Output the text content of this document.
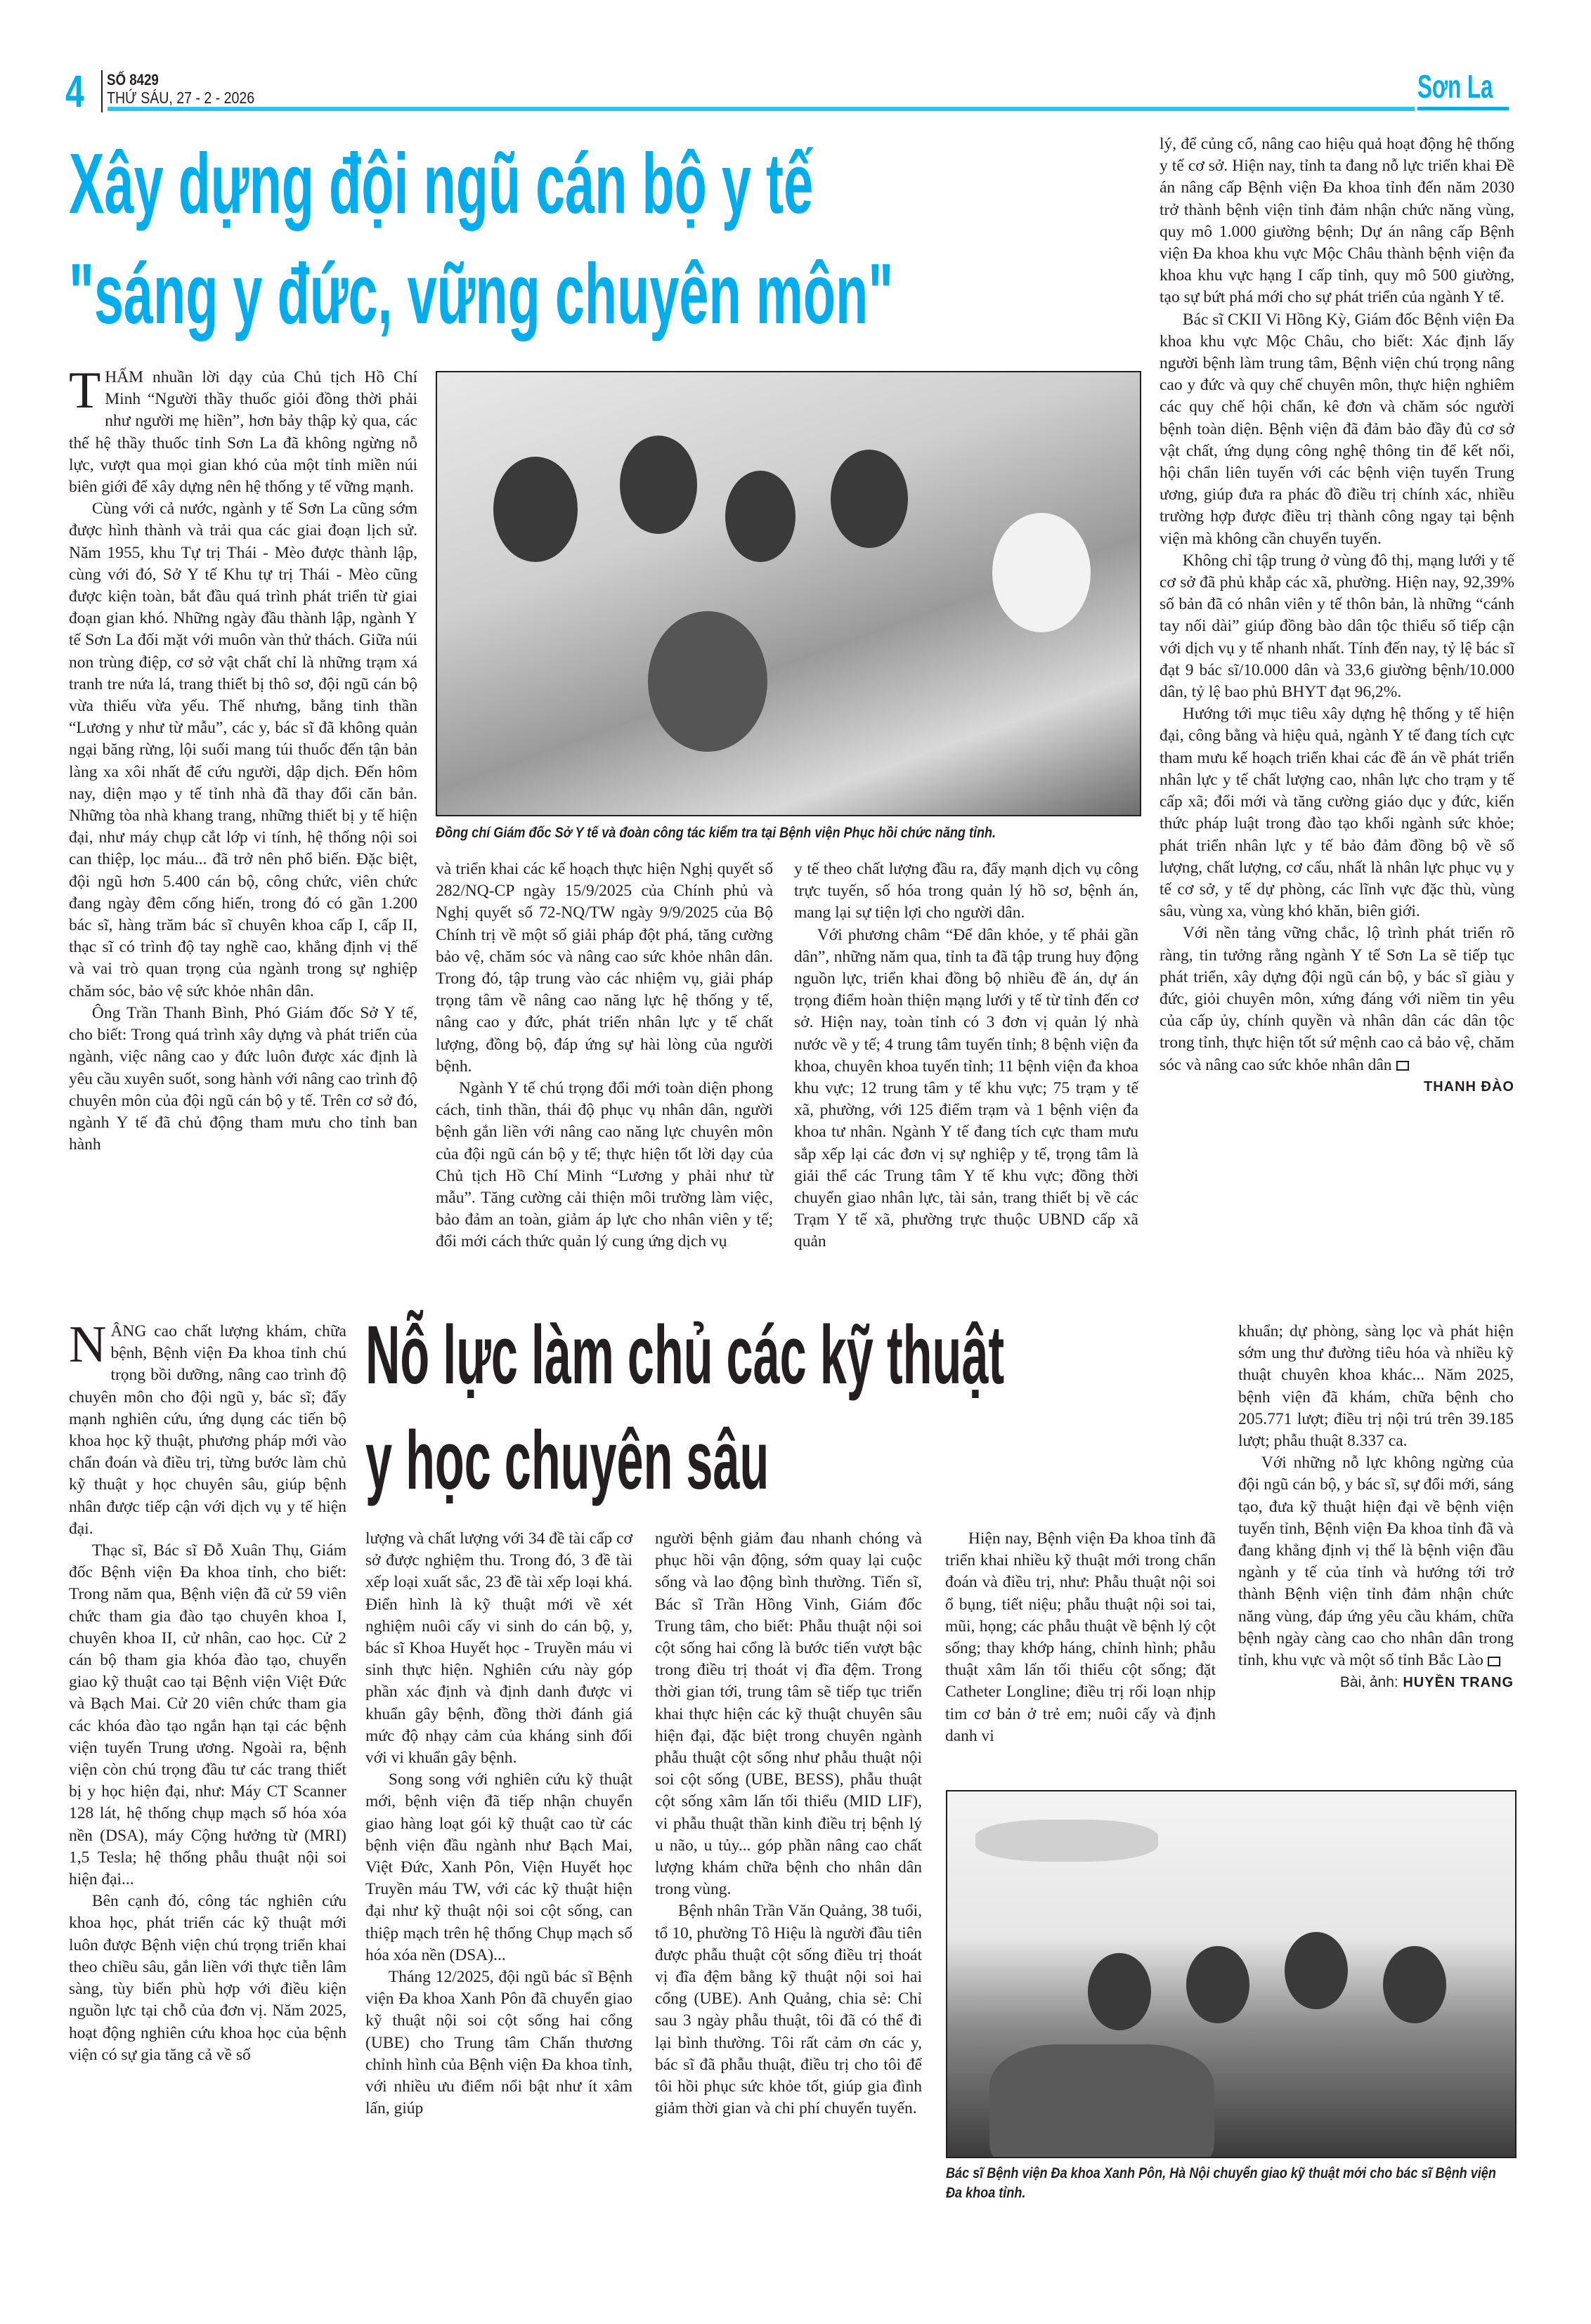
4 SỐ 8429
THỨ SÁU, 27 - 2 - 2026	Sơn La
Xây dựng đội ngũ cán bộ y tế
"sáng y đức, vững chuyên môn"

THẤM nhuần lời dạy của Chủ tịch Hồ Chí Minh “Người thầy thuốc giỏi đồng thời phải như người mẹ hiền”, hơn bảy thập kỷ qua, các thế hệ thầy thuốc tỉnh Sơn La đã không ngừng nỗ lực, vượt qua mọi gian khó của một tỉnh miền núi biên giới để xây dựng nên hệ thống y tế vững mạnh.

Cùng với cả nước, ngành y tế Sơn La cũng sớm được hình thành và trải qua các giai đoạn lịch sử. Năm 1955, khu Tự trị Thái - Mèo được thành lập, cùng với đó, Sở Y tế Khu tự trị Thái - Mèo cũng được kiện toàn, bắt đầu quá trình phát triển từ giai đoạn gian khó. Những ngày đầu thành lập, ngành Y tế Sơn La đối mặt với muôn vàn thử thách. Giữa núi non trùng điệp, cơ sở vật chất chỉ là những trạm xá tranh tre nứa lá, trang thiết bị thô sơ, đội ngũ cán bộ vừa thiếu vừa yếu. Thế nhưng, bằng tinh thần “Lương y như từ mẫu”, các y, bác sĩ đã không quản ngại băng rừng, lội suối mang túi thuốc đến tận bản làng xa xôi nhất để cứu người, dập dịch. Đến hôm nay, diện mạo y tế tỉnh nhà đã thay đổi căn bản. Những tòa nhà khang trang, những thiết bị y tế hiện đại, như máy chụp cắt lớp vi tính, hệ thống nội soi can thiệp, lọc máu... đã trở nên phổ biến. Đặc biệt, đội ngũ hơn 5.400 cán bộ, công chức, viên chức đang ngày đêm cống hiến, trong đó có gần 1.200 bác sĩ, hàng trăm bác sĩ chuyên khoa cấp I, cấp II, thạc sĩ có trình độ tay nghề cao, khẳng định vị thế và vai trò quan trọng của ngành trong sự nghiệp chăm sóc, bảo vệ sức khỏe nhân dân.

Ông Trần Thanh Bình, Phó Giám đốc Sở Y tế, cho biết: Trong quá trình xây dựng và phát triển của ngành, việc nâng cao y đức luôn được xác định là yêu cầu xuyên suốt, song hành với nâng cao trình độ chuyên môn của đội ngũ cán bộ y tế. Trên cơ sở đó, ngành Y tế đã chủ động tham mưu cho tỉnh ban hành

Đồng chí Giám đốc Sở Y tế và đoàn công tác kiểm tra tại Bệnh viện Phục hồi chức năng tỉnh.

và triển khai các kế hoạch thực hiện Nghị quyết số 282/NQ-CP ngày 15/9/2025 của Chính phủ và Nghị quyết số 72-NQ/TW ngày 9/9/2025 của Bộ Chính trị về một số giải pháp đột phá, tăng cường bảo vệ, chăm sóc và nâng cao sức khỏe nhân dân. Trong đó, tập trung vào các nhiệm vụ, giải pháp trọng tâm về nâng cao năng lực hệ thống y tế, nâng cao y đức, phát triển nhân lực y tế chất lượng, đồng bộ, đáp ứng sự hài lòng của người bệnh.

Ngành Y tế chú trọng đổi mới toàn diện phong cách, tinh thần, thái độ phục vụ nhân dân, người bệnh gắn liền với nâng cao năng lực chuyên môn của đội ngũ cán bộ y tế; thực hiện tốt lời dạy của Chủ tịch Hồ Chí Minh “Lương y phải như từ mẫu”. Tăng cường cải thiện môi trường làm việc, bảo đảm an toàn, giảm áp lực cho nhân viên y tế; đổi mới cách thức quản lý cung ứng dịch vụ

y tế theo chất lượng đầu ra, đẩy mạnh dịch vụ công trực tuyến, số hóa trong quản lý hồ sơ, bệnh án, mang lại sự tiện lợi cho người dân.

Với phương châm “Để dân khỏe, y tế phải gần dân”, những năm qua, tỉnh ta đã tập trung huy động nguồn lực, triển khai đồng bộ nhiều đề án, dự án trọng điểm hoàn thiện mạng lưới y tế từ tỉnh đến cơ sở. Hiện nay, toàn tỉnh có 3 đơn vị quản lý nhà nước về y tế; 4 trung tâm tuyến tỉnh; 8 bệnh viện đa khoa, chuyên khoa tuyến tỉnh; 11 bệnh viện đa khoa khu vực; 12 trung tâm y tế khu vực; 75 trạm y tế xã, phường, với 125 điểm trạm và 1 bệnh viện đa khoa tư nhân. Ngành Y tế đang tích cực tham mưu sắp xếp lại các đơn vị sự nghiệp y tế, trọng tâm là giải thể các Trung tâm Y tế khu vực; đồng thời chuyển giao nhân lực, tài sản, trang thiết bị về các Trạm Y tế xã, phường trực thuộc UBND cấp xã quản

lý, để củng cố, nâng cao hiệu quả hoạt động hệ thống y tế cơ sở. Hiện nay, tỉnh ta đang nỗ lực triển khai Đề án nâng cấp Bệnh viện Đa khoa tỉnh đến năm 2030 trở thành bệnh viện tỉnh đảm nhận chức năng vùng, quy mô 1.000 giường bệnh; Dự án nâng cấp Bệnh viện Đa khoa khu vực Mộc Châu thành bệnh viện đa khoa khu vực hạng I cấp tỉnh, quy mô 500 giường, tạo sự bứt phá mới cho sự phát triển của ngành Y tế.

Bác sĩ CKII Vi Hồng Kỳ, Giám đốc Bệnh viện Đa khoa khu vực Mộc Châu, cho biết: Xác định lấy người bệnh làm trung tâm, Bệnh viện chú trọng nâng cao y đức và quy chế chuyên môn, thực hiện nghiêm các quy chế hội chẩn, kê đơn và chăm sóc người bệnh toàn diện. Bệnh viện đã đảm bảo đầy đủ cơ sở vật chất, ứng dụng công nghệ thông tin để kết nối, hội chẩn liên tuyến với các bệnh viện tuyến Trung ương, giúp đưa ra phác đồ điều trị chính xác, nhiều trường hợp được điều trị thành công ngay tại bệnh viện mà không cần chuyển tuyến.

Không chỉ tập trung ở vùng đô thị, mạng lưới y tế cơ sở đã phủ khắp các xã, phường. Hiện nay, 92,39% số bản đã có nhân viên y tế thôn bản, là những “cánh tay nối dài” giúp đồng bào dân tộc thiểu số tiếp cận với dịch vụ y tế nhanh nhất. Tính đến nay, tỷ lệ bác sĩ đạt 9 bác sĩ/10.000 dân và 33,6 giường bệnh/10.000 dân, tỷ lệ bao phủ BHYT đạt 96,2%.

Hướng tới mục tiêu xây dựng hệ thống y tế hiện đại, công bằng và hiệu quả, ngành Y tế đang tích cực tham mưu kế hoạch triển khai các đề án về phát triển nhân lực y tế chất lượng cao, nhân lực cho trạm y tế cấp xã; đổi mới và tăng cường giáo dục y đức, kiến thức pháp luật trong đào tạo khối ngành sức khỏe; phát triển nhân lực y tế bảo đảm đồng bộ về số lượng, chất lượng, cơ cấu, nhất là nhân lực phục vụ y tế cơ sở, y tế dự phòng, các lĩnh vực đặc thù, vùng sâu, vùng xa, vùng khó khăn, biên giới.

Với nền tảng vững chắc, lộ trình phát triển rõ ràng, tin tưởng rằng ngành Y tế Sơn La sẽ tiếp tục phát triển, xây dựng đội ngũ cán bộ, y bác sĩ giàu y đức, giỏi chuyên môn, xứng đáng với niềm tin yêu của cấp ủy, chính quyền và nhân dân các dân tộc trong tỉnh, thực hiện tốt sứ mệnh cao cả bảo vệ, chăm sóc và nâng cao sức khỏe nhân dân

THANH ĐÀO
Nỗ lực làm chủ các kỹ thuật
y học chuyên sâu

NÂNG cao chất lượng khám, chữa bệnh, Bệnh viện Đa khoa tỉnh chú trọng bồi dưỡng, nâng cao trình độ chuyên môn cho đội ngũ y, bác sĩ; đẩy mạnh nghiên cứu, ứng dụng các tiến bộ khoa học kỹ thuật, phương pháp mới vào chẩn đoán và điều trị, từng bước làm chủ kỹ thuật y học chuyên sâu, giúp bệnh nhân được tiếp cận với dịch vụ y tế hiện đại.

Thạc sĩ, Bác sĩ Đỗ Xuân Thụ, Giám đốc Bệnh viện Đa khoa tỉnh, cho biết: Trong năm qua, Bệnh viện đã cử 59 viên chức tham gia đào tạo chuyên khoa I, chuyên khoa II, cử nhân, cao học. Cử 2 cán bộ tham gia khóa đào tạo, chuyển giao kỹ thuật cao tại Bệnh viện Việt Đức và Bạch Mai. Cử 20 viên chức tham gia các khóa đào tạo ngắn hạn tại các bệnh viện tuyến Trung ương. Ngoài ra, bệnh viện còn chú trọng đầu tư các trang thiết bị y học hiện đại, như: Máy CT Scanner 128 lát, hệ thống chụp mạch số hóa xóa nền (DSA), máy Cộng hưởng từ (MRI) 1,5 Tesla; hệ thống phẫu thuật nội soi hiện đại...

Bên cạnh đó, công tác nghiên cứu khoa học, phát triển các kỹ thuật mới luôn được Bệnh viện chú trọng triển khai theo chiều sâu, gắn liền với thực tiễn lâm sàng, tùy biến phù hợp với điều kiện nguồn lực tại chỗ của đơn vị. Năm 2025, hoạt động nghiên cứu khoa học của bệnh viện có sự gia tăng cả về số

lượng và chất lượng với 34 đề tài cấp cơ sở được nghiệm thu. Trong đó, 3 đề tài xếp loại xuất sắc, 23 đề tài xếp loại khá. Điển hình là kỹ thuật mới về xét nghiệm nuôi cấy vi sinh do cán bộ, y, bác sĩ Khoa Huyết học - Truyền máu vi sinh thực hiện. Nghiên cứu này góp phần xác định và định danh được vi khuẩn gây bệnh, đồng thời đánh giá mức độ nhạy cảm của kháng sinh đối với vi khuẩn gây bệnh.

Song song với nghiên cứu kỹ thuật mới, bệnh viện đã tiếp nhận chuyển giao hàng loạt gói kỹ thuật cao từ các bệnh viện đầu ngành như Bạch Mai, Việt Đức, Xanh Pôn, Viện Huyết học Truyền máu TW, với các kỹ thuật hiện đại như kỹ thuật nội soi cột sống, can thiệp mạch trên hệ thống Chụp mạch số hóa xóa nền (DSA)...

Tháng 12/2025, đội ngũ bác sĩ Bệnh viện Đa khoa Xanh Pôn đã chuyển giao kỹ thuật nội soi cột sống hai cổng (UBE) cho Trung tâm Chấn thương chỉnh hình của Bệnh viện Đa khoa tỉnh, với nhiều ưu điểm nổi bật như ít xâm lấn, giúp

người bệnh giảm đau nhanh chóng và phục hồi vận động, sớm quay lại cuộc sống và lao động bình thường. Tiến sĩ, Bác sĩ Trần Hồng Vinh, Giám đốc Trung tâm, cho biết: Phẫu thuật nội soi cột sống hai cổng là bước tiến vượt bậc trong điều trị thoát vị đĩa đệm. Trong thời gian tới, trung tâm sẽ tiếp tục triển khai thực hiện các kỹ thuật chuyên sâu hiện đại, đặc biệt trong chuyên ngành phẫu thuật cột sống như phẫu thuật nội soi cột sống (UBE, BESS), phẫu thuật cột sống xâm lấn tối thiểu (MID LIF), vi phẫu thuật thần kinh điều trị bệnh lý u não, u tủy... góp phần nâng cao chất lượng khám chữa bệnh cho nhân dân trong vùng.

Bệnh nhân Trần Văn Quảng, 38 tuổi, tổ 10, phường Tô Hiệu là người đầu tiên được phẫu thuật cột sống điều trị thoát vị đĩa đệm bằng kỹ thuật nội soi hai cổng (UBE). Anh Quảng, chia sẻ: Chỉ sau 3 ngày phẫu thuật, tôi đã có thể đi lại bình thường. Tôi rất cảm ơn các y, bác sĩ đã phẫu thuật, điều trị cho tôi để tôi hồi phục sức khỏe tốt, giúp gia đình giảm thời gian và chi phí chuyển tuyến.

Hiện nay, Bệnh viện Đa khoa tỉnh đã triển khai nhiều kỹ thuật mới trong chẩn đoán và điều trị, như: Phẫu thuật nội soi ổ bụng, tiết niệu; phẫu thuật nội soi tai, mũi, họng; các phẫu thuật về bệnh lý cột sống; thay khớp háng, chỉnh hình; phẫu thuật xâm lấn tối thiểu cột sống; đặt Catheter Longline; điều trị rối loạn nhịp tim cơ bản ở trẻ em; nuôi cấy và định danh vi

khuẩn; dự phòng, sàng lọc và phát hiện sớm ung thư đường tiêu hóa và nhiều kỹ thuật chuyên khoa khác... Năm 2025, bệnh viện đã khám, chữa bệnh cho 205.771 lượt; điều trị nội trú trên 39.185 lượt; phẫu thuật 8.337 ca.

Với những nỗ lực không ngừng của đội ngũ cán bộ, y bác sĩ, sự đổi mới, sáng tạo, đưa kỹ thuật hiện đại về bệnh viện tuyến tỉnh, Bệnh viện Đa khoa tỉnh đã và đang khẳng định vị thế là bệnh viện đầu ngành y tế của tỉnh và hướng tới trở thành Bệnh viện tỉnh đảm nhận chức năng vùng, đáp ứng yêu cầu khám, chữa bệnh ngày càng cao cho nhân dân trong tỉnh, khu vực và một số tỉnh Bắc Lào

Bài, ảnh: HUYỀN TRANG
Bác sĩ Bệnh viện Đa khoa Xanh Pôn, Hà Nội chuyển giao kỹ thuật mới cho bác sĩ Bệnh viện Đa khoa tỉnh.
